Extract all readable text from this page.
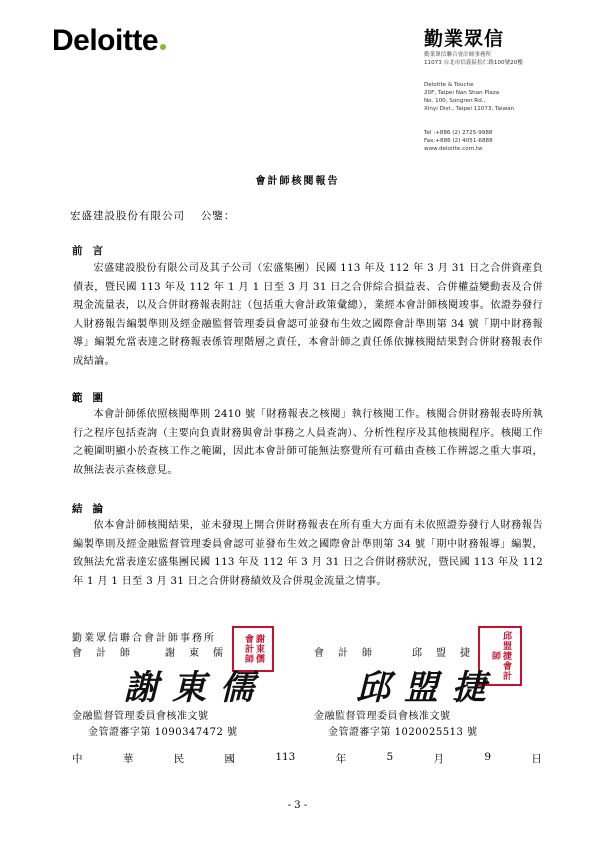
Deloitte	勤業眾信
勤業眾信聯合會計師事務所
11073 台北市信義區松仁路100號20樓
Deloitte & Touche
20F, Taipei Nan Shan Plaza
No. 100, Songren Rd.,
Xinyi Dist., Taipei 11073, Taiwan
Tel :+886 (2) 2725-9988
Fax:+886 (2) 4051-6888
www.deloitte.com.tw
會計師核閱報告
宏盛建設股份有限公司　 公鑒：
前言

宏盛建設股份有限公司及其子公司（宏盛集團）民國 113 年及 112 年 3 月 31 日之合併資產負債表，暨民國 113 年及 112 年 1 月 1 日至 3 月 31 日之合併綜合損益表、合併權益變動表及合併現金流量表，以及合併財務報表附註（包括重大會計政策彙總），業經本會計師核閱竣事。依證券發行人財務報告編製準則及經金融監督管理委員會認可並發布生效之國際會計準則第 34 號「期中財務報導」編製允當表達之財務報表係管理階層之責任，本會計師之責任係依據核閱結果對合併財務報表作成結論。

範圍

本會計師係依照核閱準則 2410 號「財務報表之核閱」執行核閱工作。核閱合併財務報表時所執行之程序包括查詢（主要向負責財務與會計事務之人員查詢）、分析性程序及其他核閱程序。核閱工作之範圍明顯小於查核工作之範圍，因此本會計師可能無法察覺所有可藉由查核工作辨認之重大事項，故無法表示查核意見。

結論

依本會計師核閱結果，並未發現上開合併財務報表在所有重大方面有未依照證券發行人財務報告編製準則及經金融監督管理委員會認可並發布生效之國際會計準則第 34 號「期中財務報導」編製，致無法允當表達宏盛集團民國 113 年及 112 年 3 月 31 日之合併財務狀況，暨民國 113 年及 112 年 1 月 1 日至 3 月 31 日之合併財務績效及合併現金流量之情事。

勤業眾信聯合會計師事務所
會計師 謝東儒	謝東儒會計師	會計師	邱盟捷	邱盟捷會計師
謝東儒	邱盟捷
金融監督管理委員會核准文號
金管證審字第 1090347472 號
金融監督管理委員會核准文號
金管證審字第 1020025513 號
中	華	民	國	113	年	5	月	9	日
- 3 -
